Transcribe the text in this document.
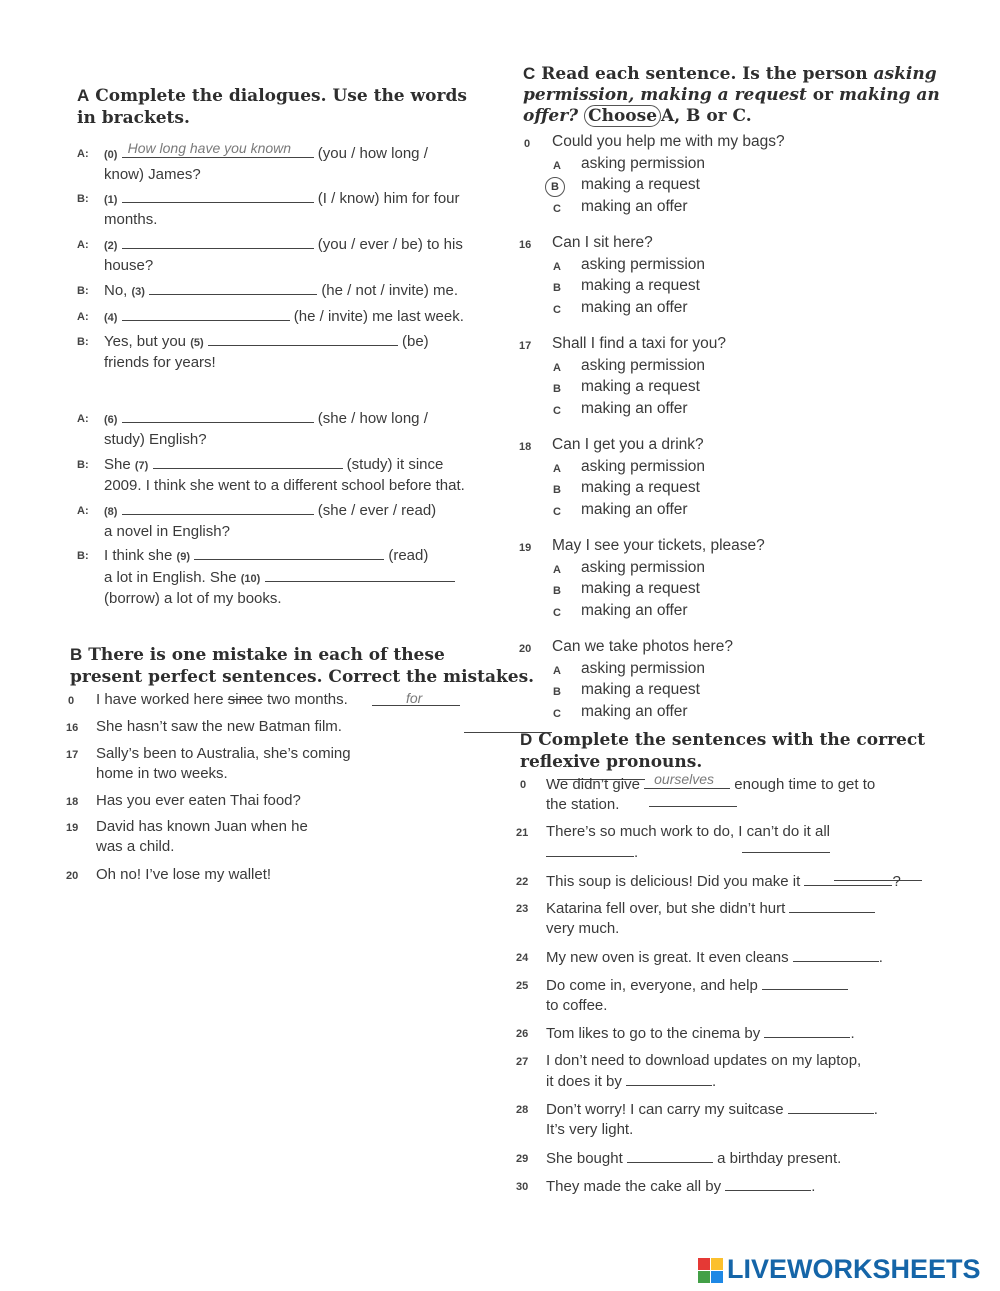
A Complete the dialogues. Use the words
in brackets.
A: (0) How long have you known (you / how long /
know) James?
B: (1)	(I / know) him for four
months.
A: (2)	(you / ever / be) to his
house?
B: No, (3)	(he / not / invite) me.
A: (4)	(he / invite) me last week.
B: Yes, but you (5)	(be)
friends for years!
A: (6)	(she / how long /
study) English?
B: She (7)	(study) it since
2009. I think she went to a different school before that.
A: (8)	(she / ever / read)
a novel in English?
B: I think she (9)	(read)
a lot in English. She (10)
(borrow) a lot of my books.
B There is one mistake in each of these
present perfect sentences. Correct the mistakes.
0 I have worked here since two months.	for

16 She hasn’t saw the new Batman film.

17 Sally’s been to Australia, she’s coming
home in two weeks.

18 Has you ever eaten Thai food?

19 David has known Juan when he
was a child.

20 Oh no! I’ve lose my wallet!
C Read each sentence. Is the person asking
permission, making a request or making an
offer? Choose A, B or C.
0 Could you help me with my bags?
A asking permission
B	making a request
C making an offer
16 Can I sit here?
A asking permission
B making a request
C making an offer
17 Shall I find a taxi for you?
A asking permission
B making a request
C making an offer
18 Can I get you a drink?
A asking permission
B making a request
C making an offer
19 May I see your tickets, please?
A asking permission
B making a request
C making an offer
20 Can we take photos here?
A asking permission
B making a request
C making an offer
D Complete the sentences with the correct
reflexive pronouns.
0 We didn’t give ourselves enough time to get to
the station.
21 There’s so much work to do, I can’t do it all
.
22 This soup is delicious! Did you make it	?
23 Katarina fell over, but she didn’t hurt
very much.
24 My new oven is great. It even cleans	.
25 Do come in, everyone, and help
to coffee.
26 Tom likes to go to the cinema by	.
27 I don’t need to download updates on my laptop,
it does it by	.
28 Don’t worry! I can carry my suitcase	.
It’s very light.
29 She bought	a birthday present.
30 They made the cake all by	.
LIVEWORKSHEETS
